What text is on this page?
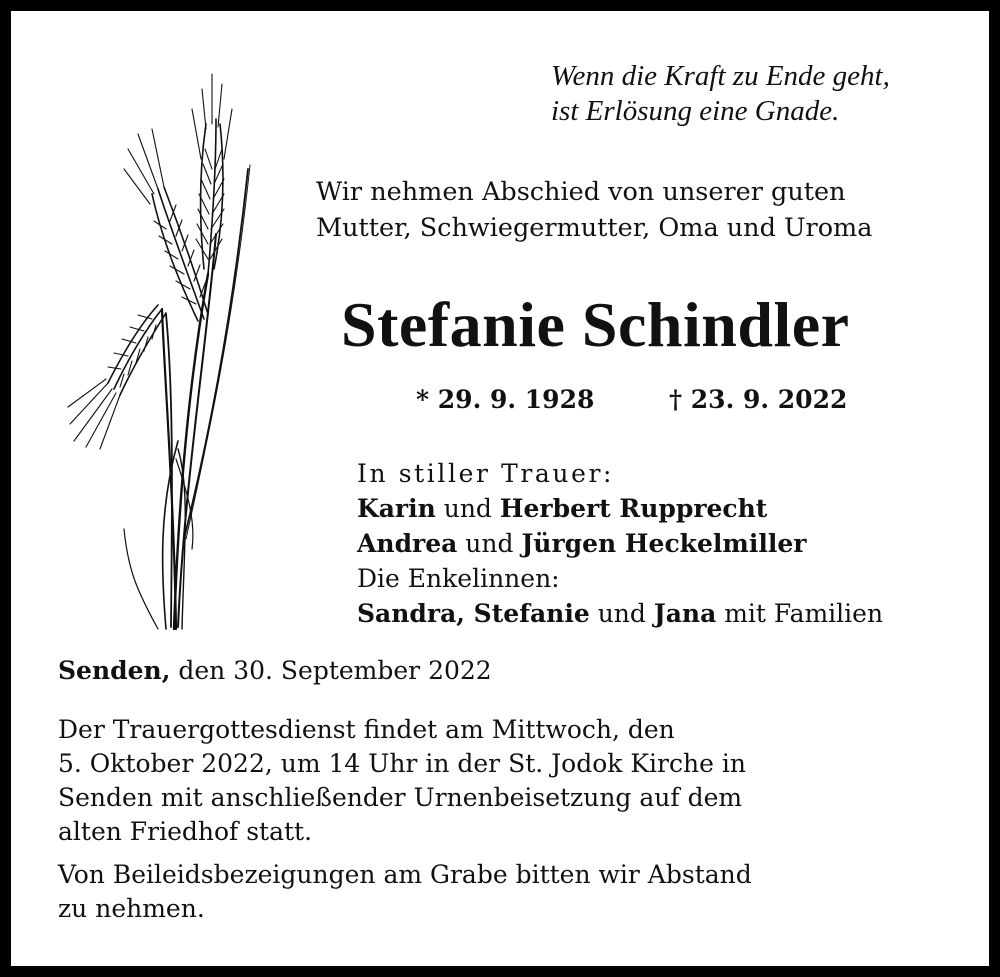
Wenn die Kraft zu Ende geht,
ist Erlösung eine Gnade.
Wir nehmen Abschied von unserer guten
Mutter, Schwiegermutter, Oma und Uroma
Stefanie Schindler
* 29. 9. 1928	† 23. 9. 2022
In stiller Trauer:
Karin und Herbert Rupprecht
Andrea und Jürgen Heckelmiller
Die Enkelinnen:
Sandra, Stefanie und Jana mit Familien
Senden, den 30. September 2022
Der Trauergottesdienst findet am Mittwoch, den
5. Oktober 2022, um 14 Uhr in der St. Jodok Kirche in
Senden mit anschließender Urnenbeisetzung auf dem
alten Friedhof statt.
Von Beileidsbezeigungen am Grabe bitten wir Abstand
zu nehmen.
